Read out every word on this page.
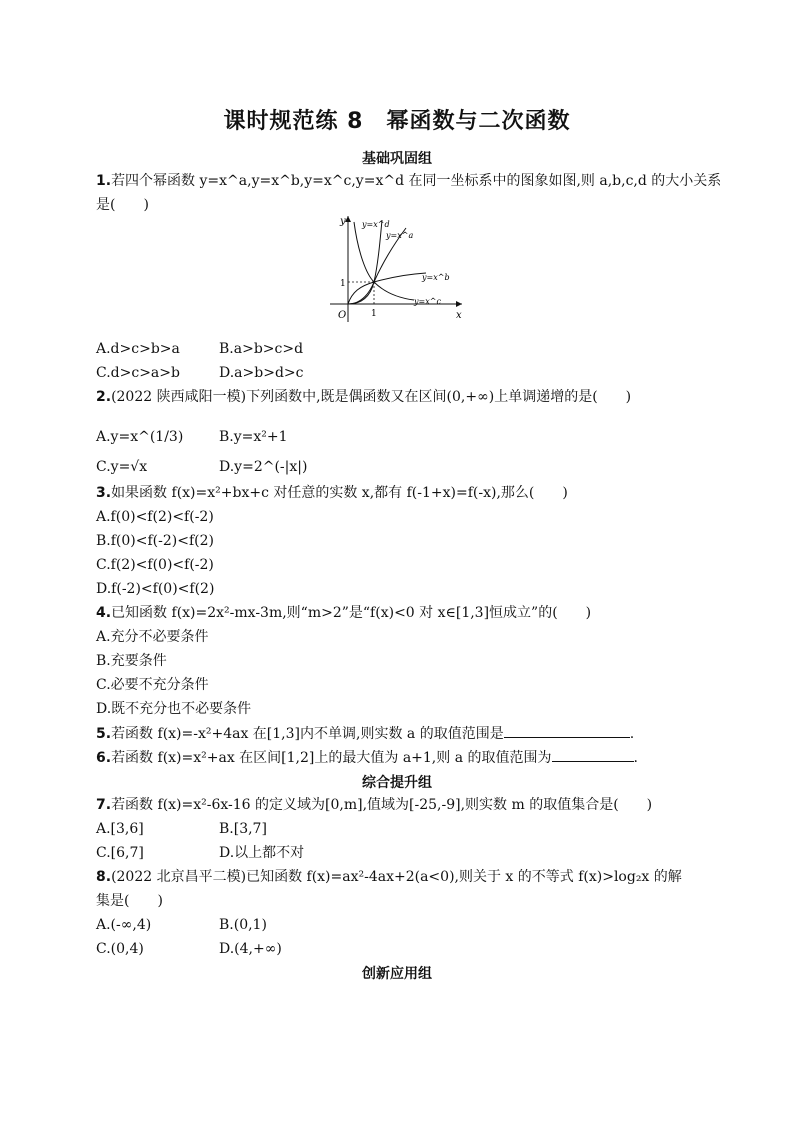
课时规范练 8　幂函数与二次函数
基础巩固组
1.若四个幂函数 y=x^a,y=x^b,y=x^c,y=x^d 在同一坐标系中的图象如图,则 a,b,c,d 的大小关系
是(　　)
y
x
O	1
1
y=x^d
y=x^a
y=x^b
y=x^c
A.d>c>b>a	B.a>b>c>d
C.d>c>a>b	D.a>b>d>c
2.(2022 陕西咸阳一模)下列函数中,既是偶函数又在区间(0,+∞)上单调递增的是(　　)
A.y=x^(1/3)	B.y=x²+1
C.y=√x	D.y=2^(-|x|)
3.如果函数 f(x)=x²+bx+c 对任意的实数 x,都有 f(-1+x)=f(-x),那么(　　)
A.f(0)<f(2)<f(-2)
B.f(0)<f(-2)<f(2)
C.f(2)<f(0)<f(-2)
D.f(-2)<f(0)<f(2)
4.已知函数 f(x)=2x²-mx-3m,则“m>2”是“f(x)<0 对 x∈[1,3]恒成立”的(　　)
A.充分不必要条件
B.充要条件
C.必要不充分条件
D.既不充分也不必要条件
5.若函数 f(x)=-x²+4ax 在[1,3]内不单调,则实数 a 的取值范围是	.
6.若函数 f(x)=x²+ax 在区间[1,2]上的最大值为 a+1,则 a 的取值范围为	.
综合提升组
7.若函数 f(x)=x²-6x-16 的定义域为[0,m],值域为[-25,-9],则实数 m 的取值集合是(　　)
A.[3,6]	B.[3,7]
C.[6,7]	D.以上都不对
8.(2022 北京昌平二模)已知函数 f(x)=ax²-4ax+2(a<0),则关于 x 的不等式 f(x)>log₂x 的解
集是(　　)
A.(-∞,4)	B.(0,1)
C.(0,4)	D.(4,+∞)
创新应用组
